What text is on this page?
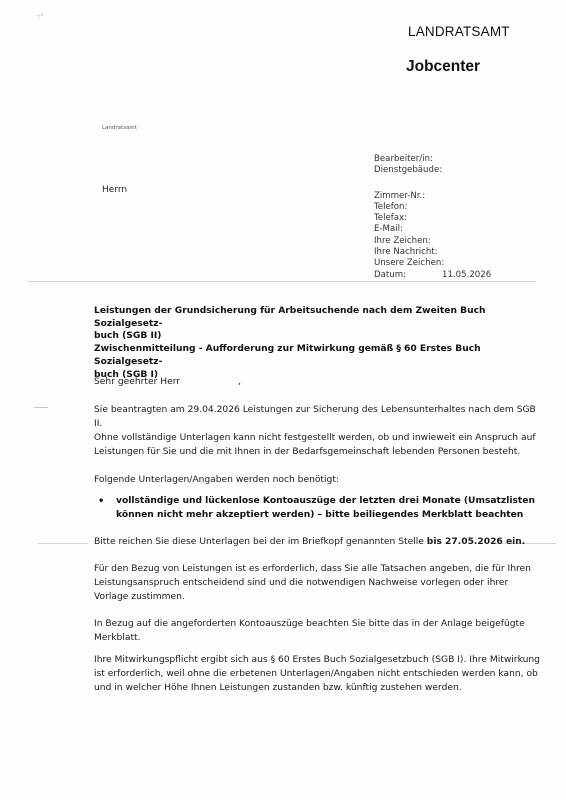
·:¹
LANDRATSAMT
Jobcenter
Landratsamt
Herrn
Bearbeiter/in:
Dienstgebäude:
Zimmer-Nr.:
Telefon:
Telefax:
E-Mail:
Ihre Zeichen:
Ihre Nachricht:
Unsere Zeichen:
Datum:	11.05.2026
Leistungen der Grundsicherung für Arbeitsuchende nach dem Zweiten Buch Sozialgesetz-
buch (SGB II)
Zwischenmitteilung - Aufforderung zur Mitwirkung gemäß § 60 Erstes Buch Sozialgesetz-
buch (SGB I)
Sehr geehrter Herr                    ,
Sie beantragten am 29.04.2026 Leistungen zur Sicherung des Lebensunterhaltes nach dem SGB II.
Ohne vollständige Unterlagen kann nicht festgestellt werden, ob und inwieweit ein Anspruch auf Leistungen für Sie und die mit Ihnen in der Bedarfsgemeinschaft lebenden Personen besteht.
Folgende Unterlagen/Angaben werden noch benötigt:
• vollständige und lückenlose Kontoauszüge der letzten drei Monate (Umsatzlisten können nicht mehr akzeptiert werden) – bitte beiliegendes Merkblatt beachten
Bitte reichen Sie diese Unterlagen bei der im Briefkopf genannten Stelle bis 27.05.2026 ein.
Für den Bezug von Leistungen ist es erforderlich, dass Sie alle Tatsachen angeben, die für Ihren Leistungsanspruch entscheidend sind und die notwendigen Nachweise vorlegen oder ihrer Vorlage zustimmen.
In Bezug auf die angeforderten Kontoauszüge beachten Sie bitte das in der Anlage beigefügte Merkblatt.
Ihre Mitwirkungspflicht ergibt sich aus § 60 Erstes Buch Sozialgesetzbuch (SGB I). Ihre Mitwirkung ist erforderlich, weil ohne die erbetenen Unterlagen/Angaben nicht entschieden werden kann, ob und in welcher Höhe Ihnen Leistungen zustanden bzw. künftig zustehen werden.
